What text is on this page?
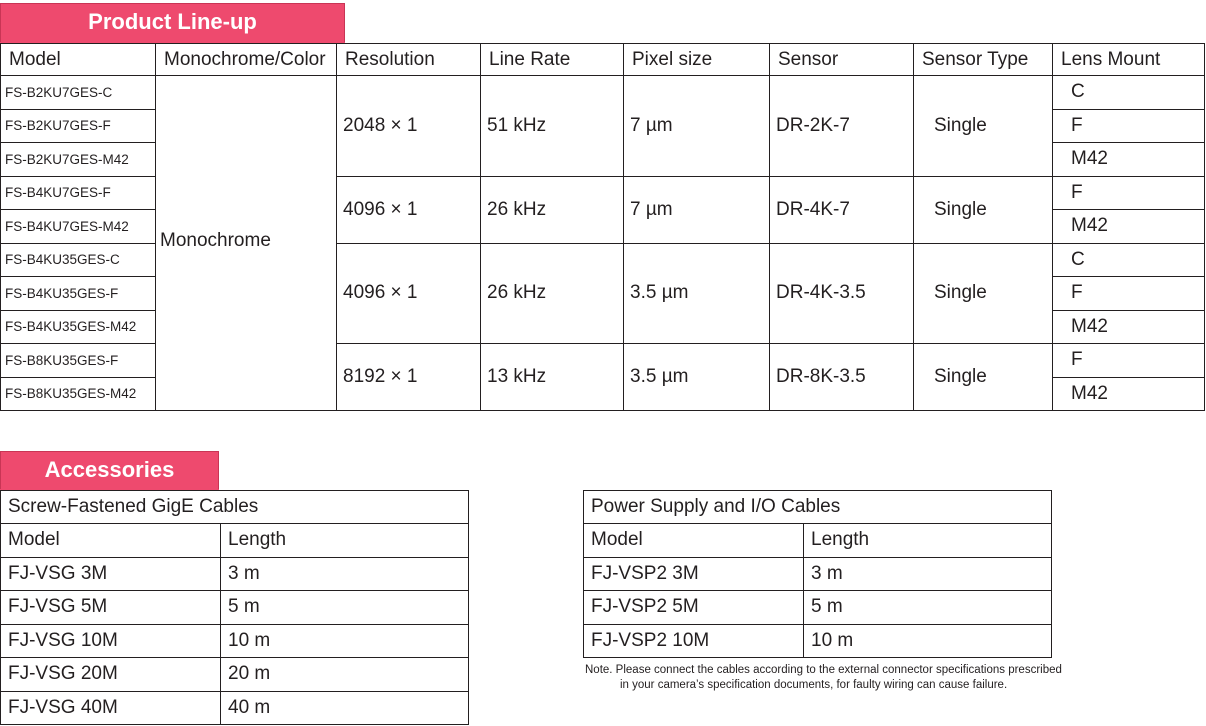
Product Line-up
Model	Monochrome/Color	Resolution	Line Rate	Pixel size	Sensor	Sensor Type	Lens Mount
FS-B2KU7GES-C	Monochrome	2048 × 1	51 kHz	7 µm	DR-2K-7	Single	C
FS-B2KU7GES-F							F
FS-B2KU7GES-M42							M42
FS-B4KU7GES-F		4096 × 1	26 kHz	7 µm	DR-4K-7	Single	F
FS-B4KU7GES-M42							M42
FS-B4KU35GES-C		4096 × 1	26 kHz	3.5 µm	DR-4K-3.5	Single	C
FS-B4KU35GES-F							F
FS-B4KU35GES-M42							M42
FS-B8KU35GES-F		8192 × 1	13 kHz	3.5 µm	DR-8K-3.5	Single	F
FS-B8KU35GES-M42							M42
Accessories
Screw-Fastened GigE Cables	
Model	Length
FJ-VSG 3M	3 m
FJ-VSG 5M	5 m
FJ-VSG 10M	10 m
FJ-VSG 20M	20 m
FJ-VSG 40M	40 m
Power Supply and I/O Cables	
Model	Length
FJ-VSP2 3M	3 m
FJ-VSP2 5M	5 m
FJ-VSP2 10M	10 m
Note. Please connect the cables according to the external connector specifications prescribed
in your camera’s specification documents, for faulty wiring can cause failure.
